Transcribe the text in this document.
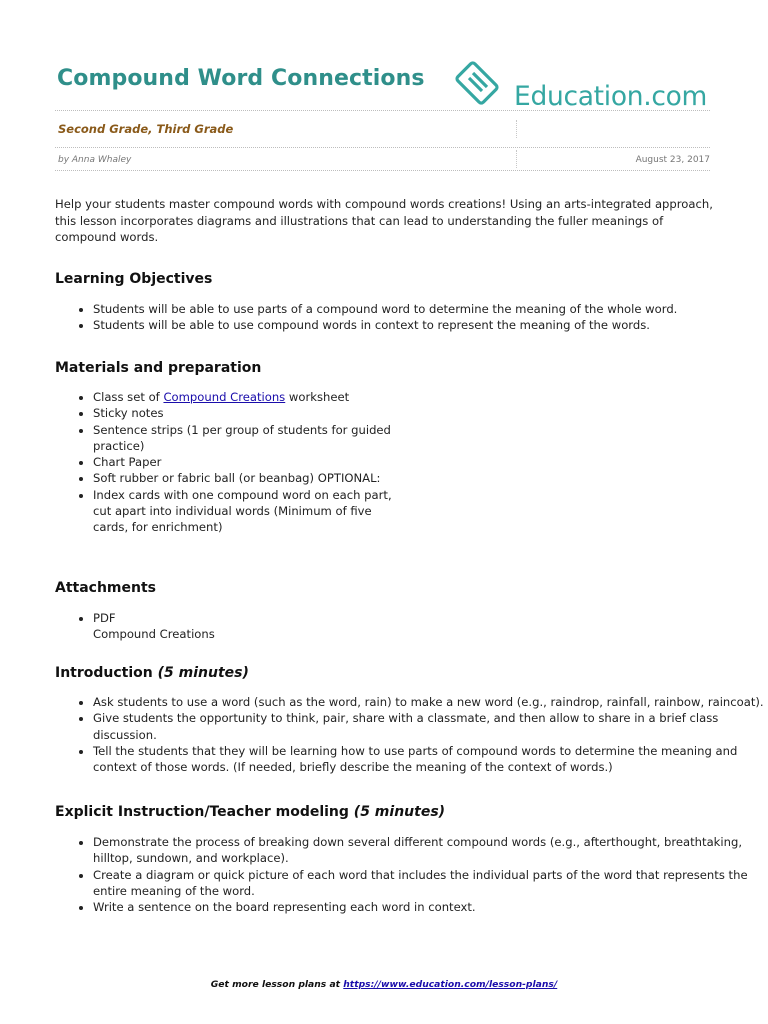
Compound Word Connections
Education.com
Second Grade, Third Grade
by Anna Whaley	August 23, 2017

Help your students master compound words with compound words creations! Using an arts-integrated approach, this lesson incorporates diagrams and illustrations that can lead to understanding the fuller meanings of compound words.

Learning Objectives
• Students will be able to use parts of a compound word to determine the meaning of the whole word.
• Students will be able to use compound words in context to represent the meaning of the words.
Materials and preparation
• Class set of Compound Creations worksheet
• Sticky notes
• Sentence strips (1 per group of students for guided practice)
• Chart Paper
• Soft rubber or fabric ball (or beanbag) OPTIONAL:
• Index cards with one compound word on each part, cut apart into individual words (Minimum of five cards, for enrichment)
Attachments
• PDF
Compound Creations
Introduction (5 minutes)
• Ask students to use a word (such as the word, rain) to make a new word (e.g., raindrop, rainfall, rainbow, raincoat).
• Give students the opportunity to think, pair, share with a classmate, and then allow to share in a brief class discussion.
• Tell the students that they will be learning how to use parts of compound words to determine the meaning and context of those words. (If needed, briefly describe the meaning of the context of words.)
Explicit Instruction/Teacher modeling (5 minutes)
• Demonstrate the process of breaking down several different compound words (e.g., afterthought, breathtaking, hilltop, sundown, and workplace).
• Create a diagram or quick picture of each word that includes the individual parts of the word that represents the entire meaning of the word.
• Write a sentence on the board representing each word in context.
Get more lesson plans at https://www.education.com/lesson-plans/
